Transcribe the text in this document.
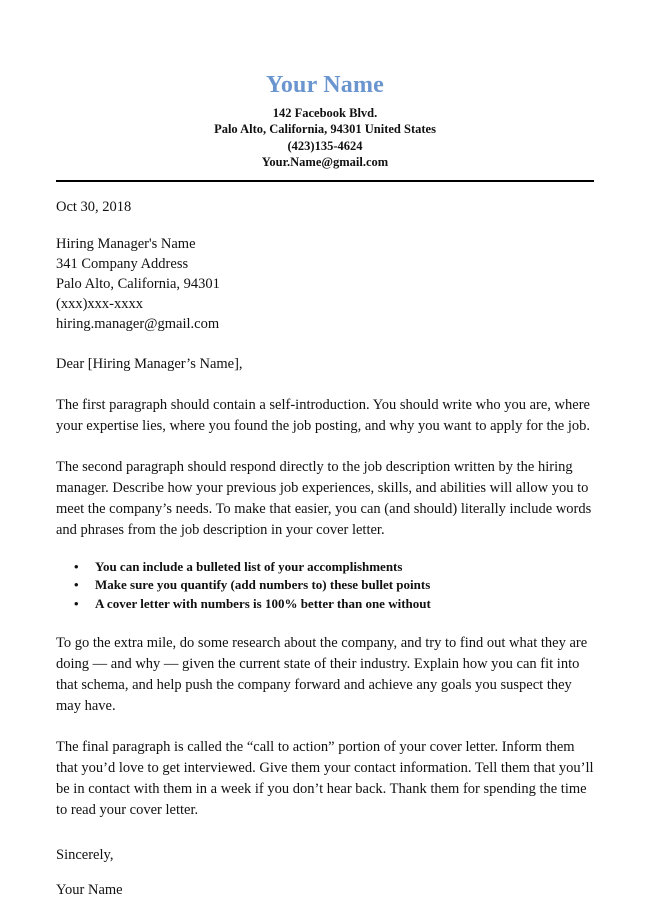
Your Name
142 Facebook Blvd.
Palo Alto, California, 94301 United States
(423)135-4624
Your.Name@gmail.com
Oct 30, 2018
Hiring Manager's Name
341 Company Address
Palo Alto, California, 94301
(xxx)xxx-xxxx
hiring.manager@gmail.com
Dear [Hiring Manager’s Name],
The first paragraph should contain a self-introduction. You should write who you are, where your expertise lies, where you found the job posting, and why you want to apply for the job.
The second paragraph should respond directly to the job description written by the hiring manager. Describe how your previous job experiences, skills, and abilities will allow you to meet the company’s needs. To make that easier, you can (and should) literally include words and phrases from the job description in your cover letter.
• You can include a bulleted list of your accomplishments
• Make sure you quantify (add numbers to) these bullet points
• A cover letter with numbers is 100% better than one without
To go the extra mile, do some research about the company, and try to find out what they are doing — and why — given the current state of their industry. Explain how you can fit into that schema, and help push the company forward and achieve any goals you suspect they may have.
The final paragraph is called the “call to action” portion of your cover letter. Inform them that you’d love to get interviewed. Give them your contact information. Tell them that you’ll be in contact with them in a week if you don’t hear back. Thank them for spending the time to read your cover letter.
Sincerely,
Your Name
